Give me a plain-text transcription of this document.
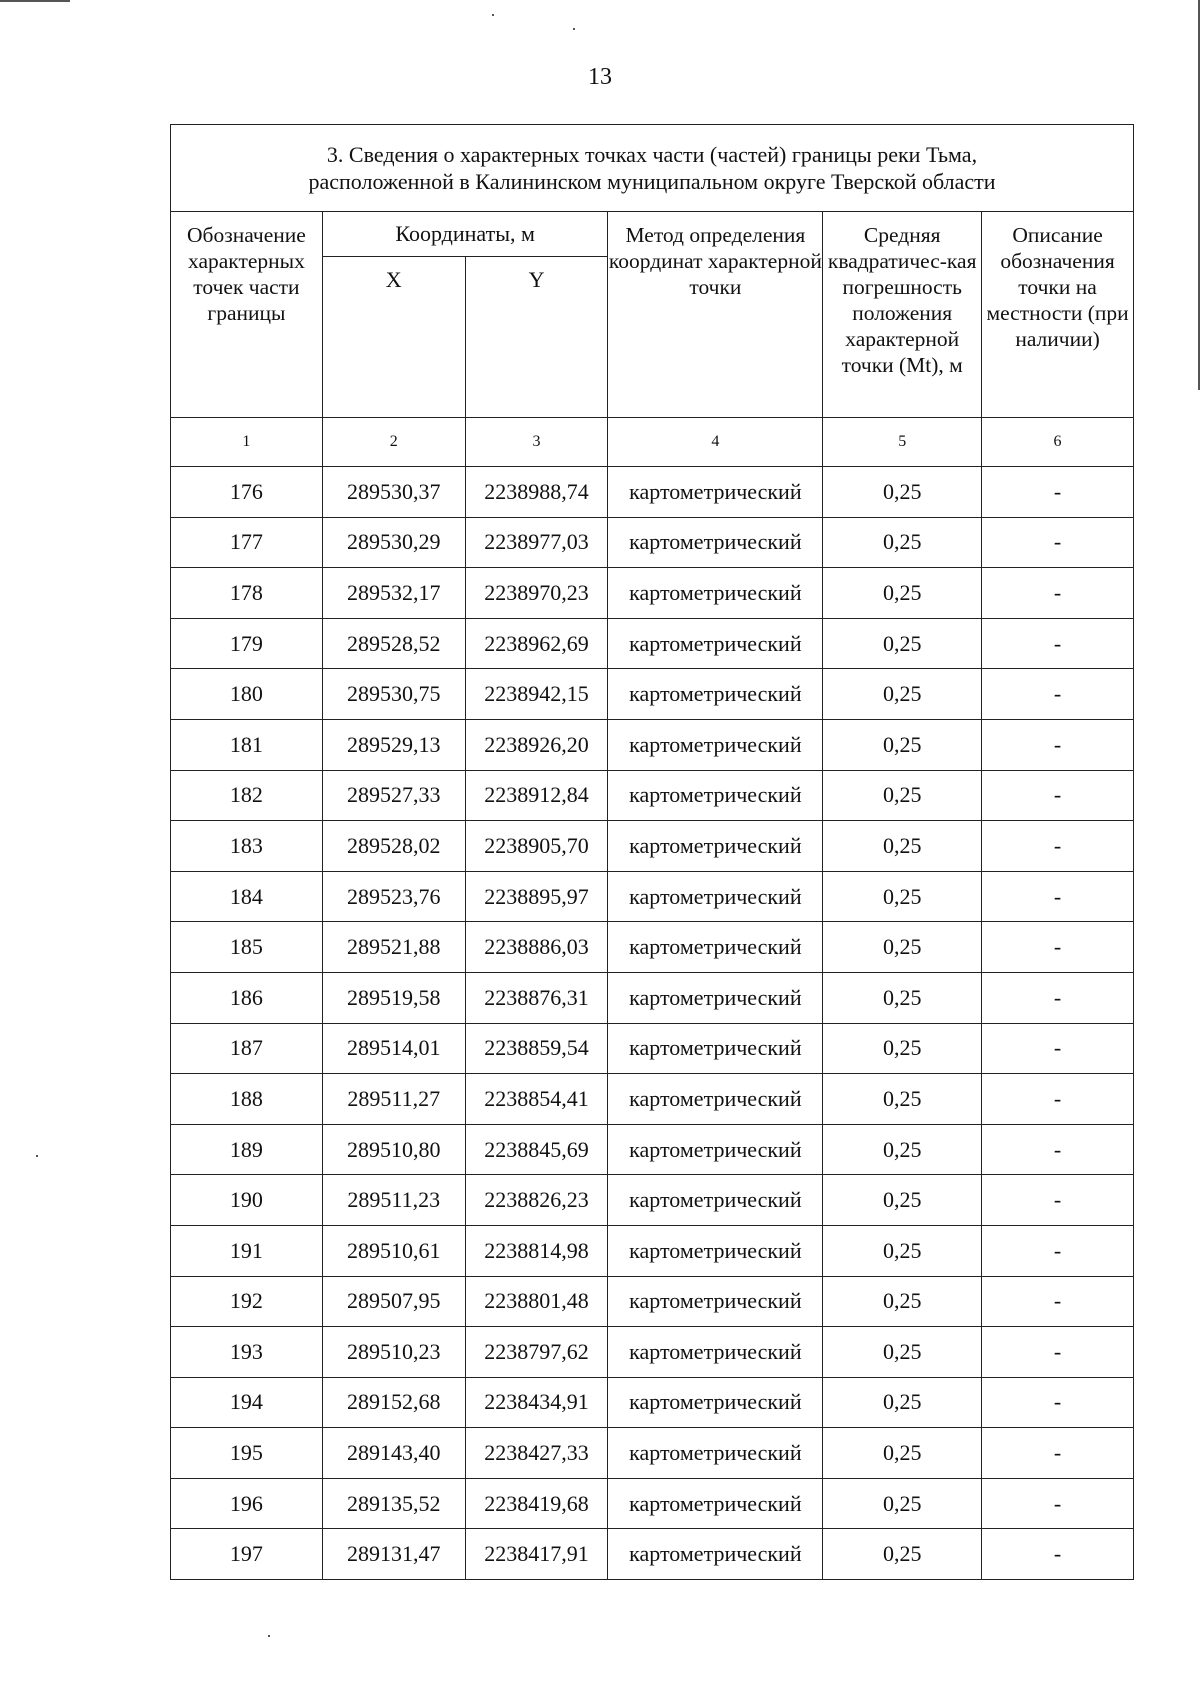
13
3. Сведения о характерных точках части (частей) границы реки Тьма,
расположенной в Калининском муниципальном округе Тверской области					

Обозначение характерных точек части границы	Координаты, м		Метод определения координат характерной точки	Средняя квадратичес-кая погрешность положения характерной точки (Mt), м	Описание обозначения точки на местности (при наличии)
	X	Y			
1	2	3	4	5	6
176	289530,37	2238988,74	картометрический	0,25	-
177	289530,29	2238977,03	картометрический	0,25	-
178	289532,17	2238970,23	картометрический	0,25	-
179	289528,52	2238962,69	картометрический	0,25	-
180	289530,75	2238942,15	картометрический	0,25	-
181	289529,13	2238926,20	картометрический	0,25	-
182	289527,33	2238912,84	картометрический	0,25	-
183	289528,02	2238905,70	картометрический	0,25	-
184	289523,76	2238895,97	картометрический	0,25	-
185	289521,88	2238886,03	картометрический	0,25	-
186	289519,58	2238876,31	картометрический	0,25	-
187	289514,01	2238859,54	картометрический	0,25	-
188	289511,27	2238854,41	картометрический	0,25	-
189	289510,80	2238845,69	картометрический	0,25	-
190	289511,23	2238826,23	картометрический	0,25	-
191	289510,61	2238814,98	картометрический	0,25	-
192	289507,95	2238801,48	картометрический	0,25	-
193	289510,23	2238797,62	картометрический	0,25	-
194	289152,68	2238434,91	картометрический	0,25	-
195	289143,40	2238427,33	картометрический	0,25	-
196	289135,52	2238419,68	картометрический	0,25	-
197	289131,47	2238417,91	картометрический	0,25	-
